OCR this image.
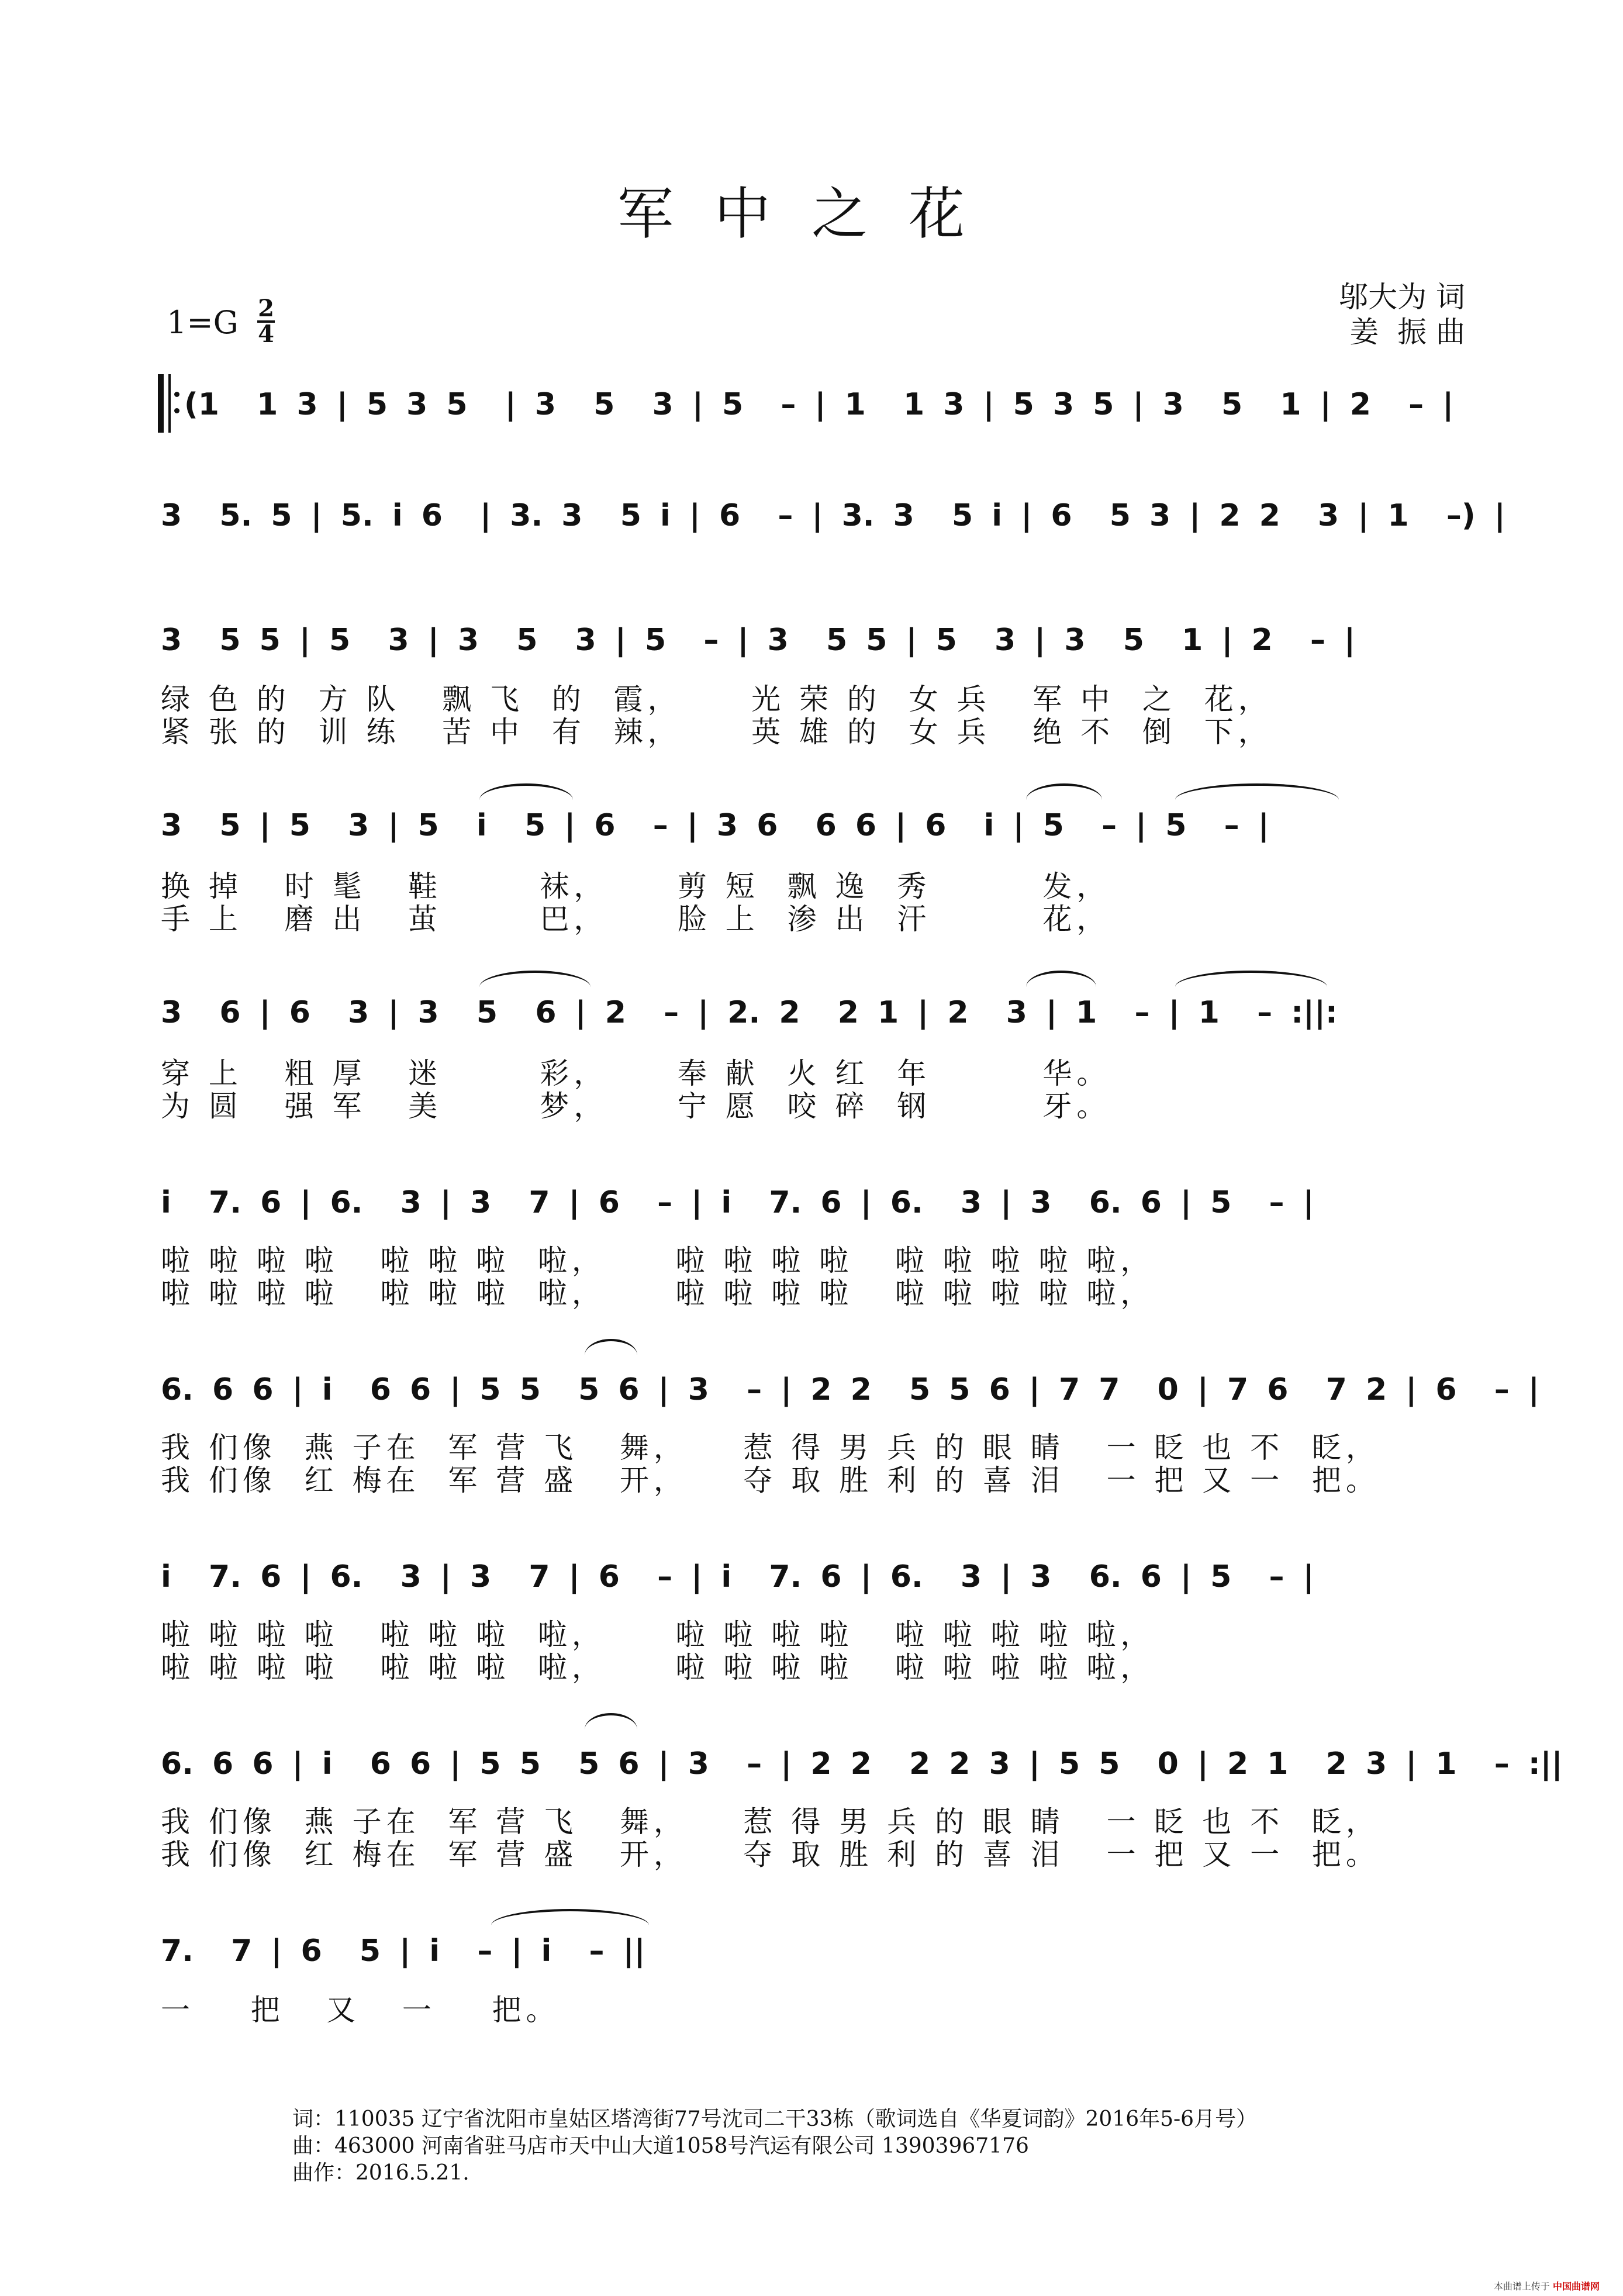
军中之花
邬大为 词
姜  振 曲
1=G 2
4
(1  1 3 | 5 3 5  | 3  5  3 | 5  – | 1  1 3 | 5 3 5 | 3  5  1 | 2  – |
3  5. 5 | 5. i 6  | 3. 3  5 i | 6  – | 3. 3  5 i | 6  5 3 | 2 2  3 | 1  –) |
3  5 5 | 5  3 | 3  5  3 | 5  – | 3  5 5 | 5  3 | 3  5  1 | 2  – |
绿 色 的  方 队   飘 飞  的  霞，     光 荣 的  女 兵   军 中  之  花，
紧 张 的  训 练   苦 中  有  辣，     英 雄 的  女 兵   绝 不  倒  下，
3  5 | 5  3 | 5  i  5 | 6  – | 3 6  6 6 | 6  i | 5  – | 5  – |
换 掉   时 髦   鞋       袜，     剪 短  飘 逸  秀        发，
手 上   磨 出   茧       巴，     脸 上  渗 出  汗        花，
3  6 | 6  3 | 3  5  6 | 2  – | 2. 2  2 1 | 2  3 | 1  – | 1  – :||:
穿 上   粗 厚   迷       彩，     奉 献  火 红  年        华。
为 圆   强 军   美       梦，     宁 愿  咬 碎  钢        牙。
i  7. 6 | 6.  3 | 3  7 | 6  – | i  7. 6 | 6.  3 | 3  6. 6 | 5  – |
啦 啦 啦 啦   啦 啦 啦  啦，     啦 啦 啦 啦   啦 啦 啦 啦 啦，
啦 啦 啦 啦   啦 啦 啦  啦，     啦 啦 啦 啦   啦 啦 啦 啦 啦，
6. 6 6 | i  6 6 | 5 5  5 6 | 3  – | 2 2  5 5 6 | 7 7  0 | 7 6  7 2 | 6  – |
我 们像  燕 子在  军 营 飞   舞，    惹 得 男 兵 的 眼 睛   一 眨 也 不  眨，
我 们像  红 梅在  军 营 盛   开，    夺 取 胜 利 的 喜 泪   一 把 又 一  把。
i  7. 6 | 6.  3 | 3  7 | 6  – | i  7. 6 | 6.  3 | 3  6. 6 | 5  – |
啦 啦 啦 啦   啦 啦 啦  啦，     啦 啦 啦 啦   啦 啦 啦 啦 啦，
啦 啦 啦 啦   啦 啦 啦  啦，     啦 啦 啦 啦   啦 啦 啦 啦 啦，
6. 6 6 | i  6 6 | 5 5  5 6 | 3  – | 2 2  2 2 3 | 5 5  0 | 2 1  2 3 | 1  – :||
我 们像  燕 子在  军 营 飞   舞，    惹 得 男 兵 的 眼 睛   一 眨 也 不  眨，
我 们像  红 梅在  军 营 盛   开，    夺 取 胜 利 的 喜 泪   一 把 又 一  把。
7.  7 | 6  5 | i  – | i  – ||
一    把   又   一    把。
词：110035 辽宁省沈阳市皇姑区塔湾街77号沈司二干33栋（歌词选自《华夏词韵》2016年5-6月号）
曲：463000 河南省驻马店市天中山大道1058号汽运有限公司 13903967176
曲作：2016.5.21.
本曲谱上传于 中国曲谱网
